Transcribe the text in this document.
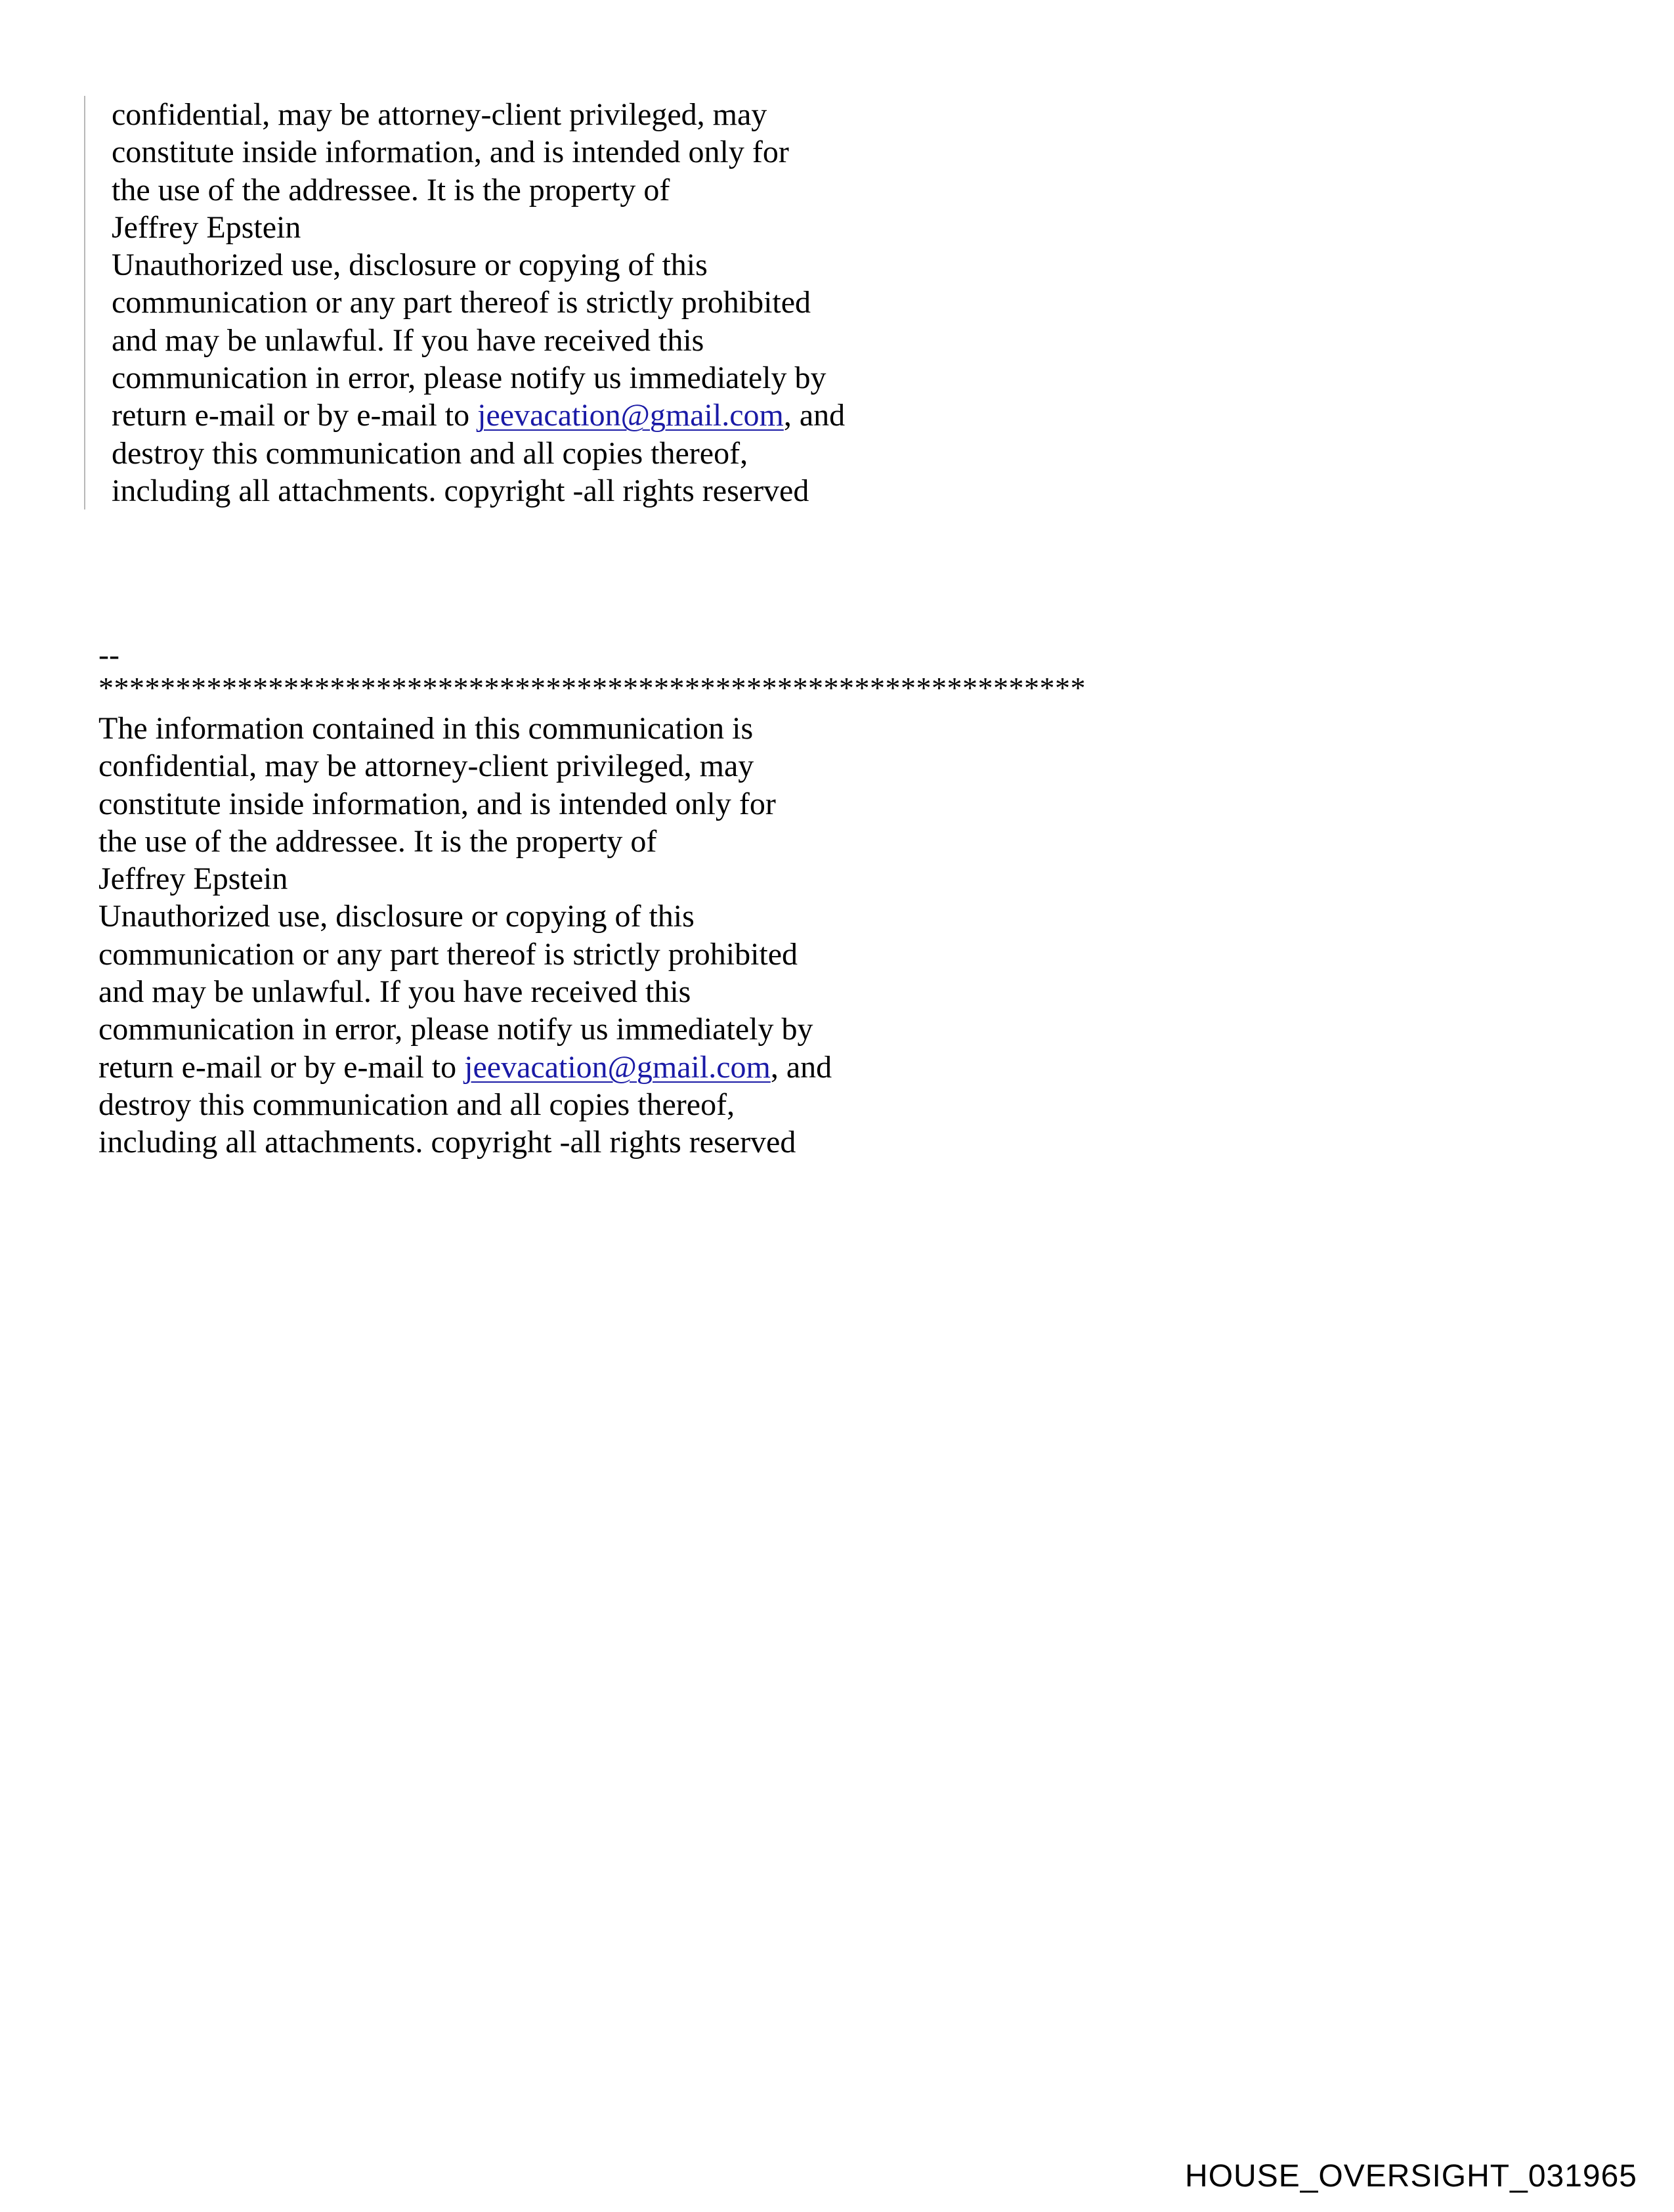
confidential, may be attorney-client privileged, may
constitute inside information, and is intended only for
the use of the addressee. It is the property of
Jeffrey Epstein
Unauthorized use, disclosure or copying of this
communication or any part thereof is strictly prohibited
and may be unlawful. If you have received this
communication in error, please notify us immediately by
return e-mail or by e-mail to jeevacation@gmail.com, and
destroy this communication and all copies thereof,
including all attachments. copyright -all rights reserved
--
****************************************************************
The information contained in this communication is
confidential, may be attorney-client privileged, may
constitute inside information, and is intended only for
the use of the addressee. It is the property of
Jeffrey Epstein
Unauthorized use, disclosure or copying of this
communication or any part thereof is strictly prohibited
and may be unlawful. If you have received this
communication in error, please notify us immediately by
return e-mail or by e-mail to jeevacation@gmail.com, and
destroy this communication and all copies thereof,
including all attachments. copyright -all rights reserved
HOUSE_OVERSIGHT_031965
